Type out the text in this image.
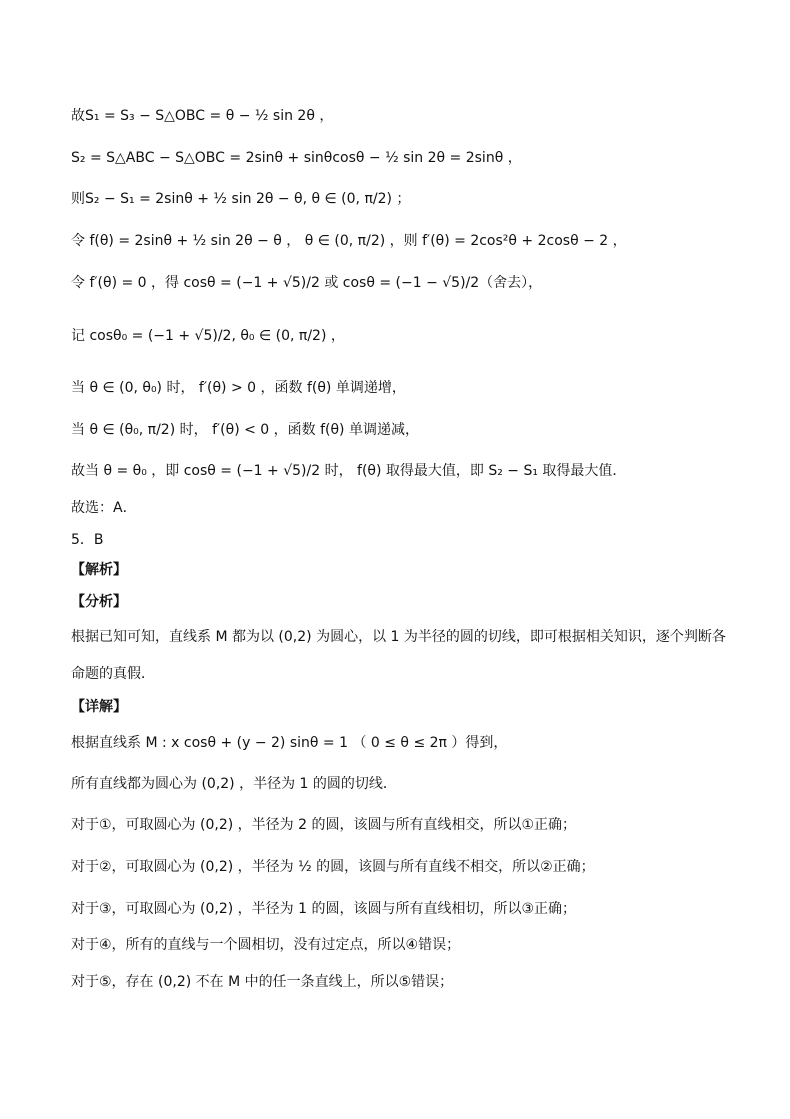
故S₁ = S₃ − S△OBC = θ − ½ sin 2θ ，
S₂ = S△ABC − S△OBC = 2sinθ + sinθcosθ − ½ sin 2θ = 2sinθ ，
则S₂ − S₁ = 2sinθ + ½ sin 2θ − θ, θ ∈ (0, π/2) ；
令 f(θ) = 2sinθ + ½ sin 2θ − θ ， θ ∈ (0, π/2) ，则 f′(θ) = 2cos²θ + 2cosθ − 2 ，
令 f′(θ) = 0 ，得 cosθ = (−1 + √5)/2 或 cosθ = (−1 − √5)/2（舍去），
记 cosθ₀ = (−1 + √5)/2, θ₀ ∈ (0, π/2) ，
当 θ ∈ (0, θ₀) 时， f′(θ) > 0 ，函数 f(θ) 单调递增，
当 θ ∈ (θ₀, π/2) 时， f′(θ) < 0 ，函数 f(θ) 单调递减，
故当 θ = θ₀ ，即 cosθ = (−1 + √5)/2 时， f(θ) 取得最大值，即 S₂ − S₁ 取得最大值．
故选：A．
5．B
【解析】
【分析】
根据已知可知，直线系 M 都为以 (0,2) 为圆心，以 1 为半径的圆的切线，即可根据相关知识，逐个判断各
命题的真假．
【详解】
根据直线系 M : x cosθ + (y − 2) sinθ = 1 （ 0 ≤ θ ≤ 2π ）得到，
所有直线都为圆心为 (0,2) ，半径为 1 的圆的切线．
对于①，可取圆心为 (0,2) ，半径为 2 的圆，该圆与所有直线相交，所以①正确；
对于②，可取圆心为 (0,2) ，半径为 ½ 的圆，该圆与所有直线不相交，所以②正确；
对于③，可取圆心为 (0,2) ，半径为 1 的圆，该圆与所有直线相切，所以③正确；
对于④，所有的直线与一个圆相切，没有过定点，所以④错误；
对于⑤，存在 (0,2) 不在 M 中的任一条直线上，所以⑤错误；
